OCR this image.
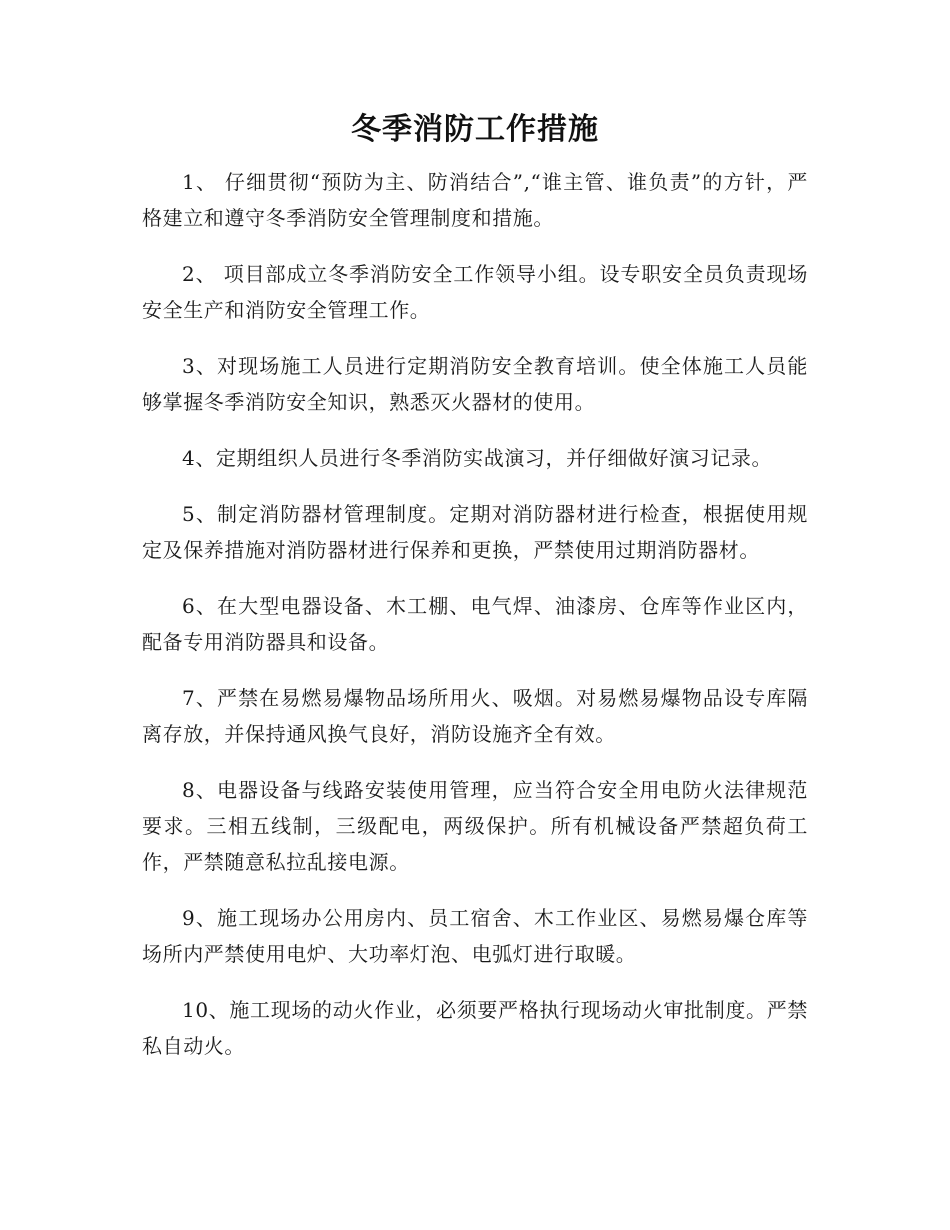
冬季消防工作措施

1、 仔细贯彻“预防为主、防消结合”,“谁主管、谁负责”的方针，严格建立和遵守冬季消防安全管理制度和措施。

2、 项目部成立冬季消防安全工作领导小组。设专职安全员负责现场安全生产和消防安全管理工作。

3、对现场施工人员进行定期消防安全教育培训。使全体施工人员能够掌握冬季消防安全知识，熟悉灭火器材的使用。

4、定期组织人员进行冬季消防实战演习，并仔细做好演习记录。

5、制定消防器材管理制度。定期对消防器材进行检查，根据使用规定及保养措施对消防器材进行保养和更换，严禁使用过期消防器材。

6、在大型电器设备、木工棚、电气焊、油漆房、仓库等作业区内，配备专用消防器具和设备。

7、严禁在易燃易爆物品场所用火、吸烟。对易燃易爆物品设专库隔离存放，并保持通风换气良好，消防设施齐全有效。

8、电器设备与线路安装使用管理，应当符合安全用电防火法律规范要求。三相五线制，三级配电，两级保护。所有机械设备严禁超负荷工作，严禁随意私拉乱接电源。

9、施工现场办公用房内、员工宿舍、木工作业区、易燃易爆仓库等场所内严禁使用电炉、大功率灯泡、电弧灯进行取暖。

10、施工现场的动火作业，必须要严格执行现场动火审批制度。严禁私自动火。
